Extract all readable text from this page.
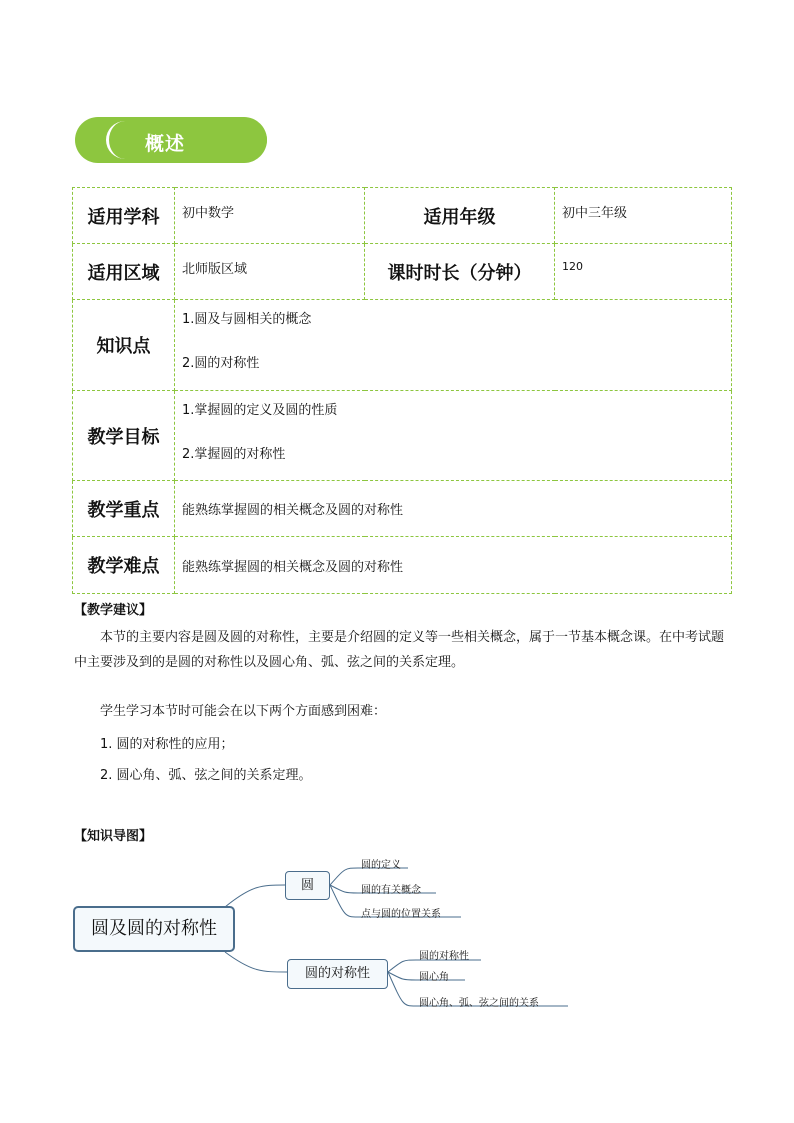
概述
适用学科	初中数学	适用年级	初中三年级
适用区域	北师版区域	课时时长（分钟）	120
知识点	1.圆及与圆相关的概念
2.圆的对称性		

教学目标	1.掌握圆的定义及圆的性质
2.掌握圆的对称性		

教学重点	能熟练掌握圆的相关概念及圆的对称性		
教学难点	能熟练掌握圆的相关概念及圆的对称性		
【教学建议】
本节的主要内容是圆及圆的对称性，主要是介绍圆的定义等一些相关概念，属于一节基本概念课。在中考试题中主要涉及到的是圆的对称性以及圆心角、弧、弦之间的关系定理。
学生学习本节时可能会在以下两个方面感到困难：
1. 圆的对称性的应用；
2. 圆心角、弧、弦之间的关系定理。
【知识导图】
圆及圆的对称性
圆
圆的对称性
圆的定义
圆的有关概念
点与圆的位置关系
圆的对称性
圆心角
圆心角、弧、弦之间的关系
